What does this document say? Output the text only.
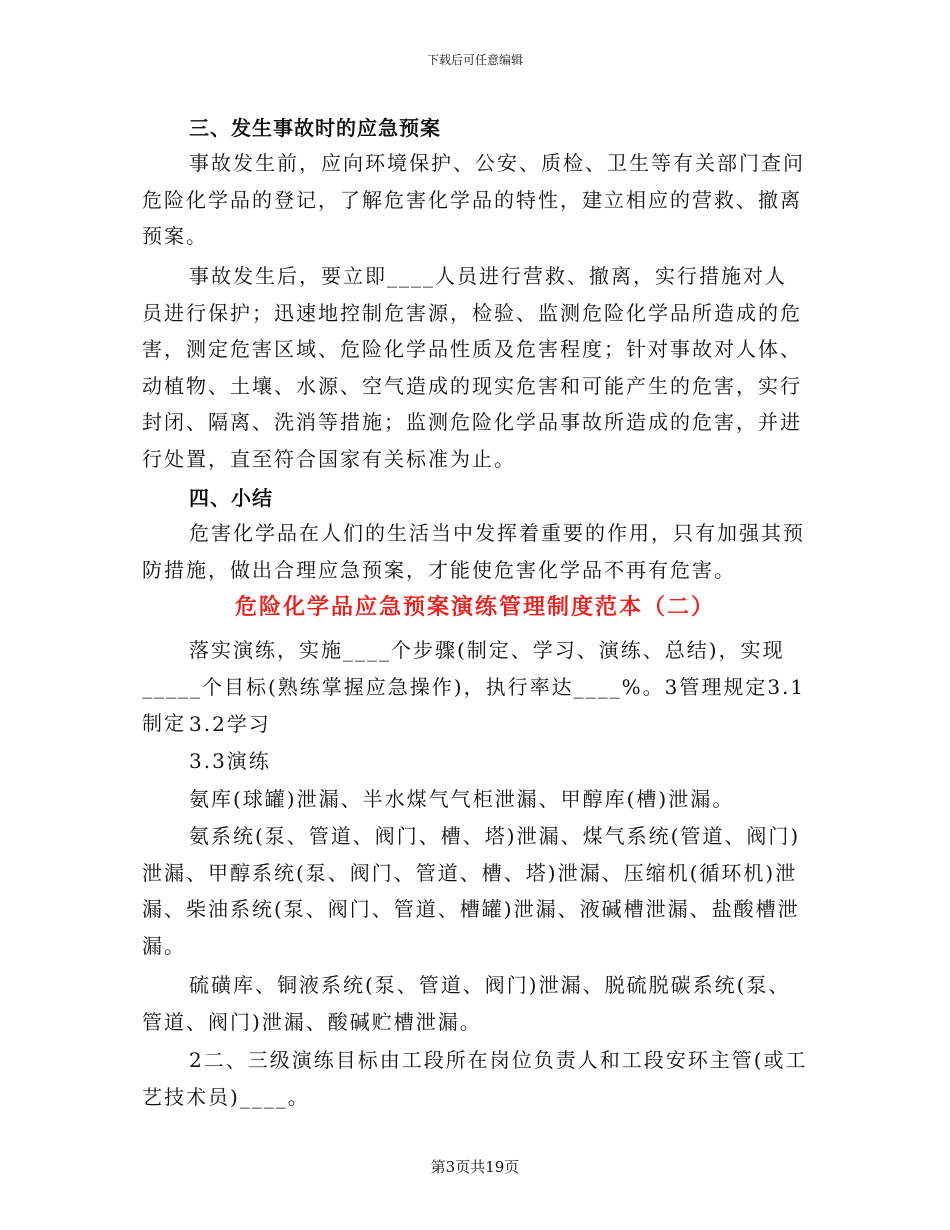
下载后可任意编辑
三、发生事故时的应急预案
事故发生前，应向环境保护、公安、质检、卫生等有关部门查问危险化学品的登记，了解危害化学品的特性，建立相应的营救、撤离预案。
事故发生后，要立即____人员进行营救、撤离，实行措施对人员进行保护；迅速地控制危害源，检验、监测危险化学品所造成的危害，测定危害区域、危险化学品性质及危害程度；针对事故对人体、动植物、土壤、水源、空气造成的现实危害和可能产生的危害，实行封闭、隔离、洗消等措施；监测危险化学品事故所造成的危害，并进行处置，直至符合国家有关标准为止。
四、小结
危害化学品在人们的生活当中发挥着重要的作用，只有加强其预防措施，做出合理应急预案，才能使危害化学品不再有危害。
危险化学品应急预案演练管理制度范本（二）
落实演练，实施____个步骤(制定、学习、演练、总结)，实现_____个目标(熟练掌握应急操作)，执行率达____%。3管理规定3.1制定 3.2学习
3.3演练
氨库(球罐)泄漏、半水煤气气柜泄漏、甲醇库(槽)泄漏。
氨系统(泵、管道、阀门、槽、塔)泄漏、煤气系统(管道、阀门)泄漏、甲醇系统(泵、阀门、管道、槽、塔)泄漏、压缩机(循环机)泄漏、柴油系统(泵、阀门、管道、槽罐)泄漏、液碱槽泄漏、盐酸槽泄漏。
硫磺库、铜液系统(泵、管道、阀门)泄漏、脱硫脱碳系统(泵、管道、阀门)泄漏、酸碱贮槽泄漏。
2二、三级演练目标由工段所在岗位负责人和工段安环主管(或工艺技术员)____。
第3页共19页
